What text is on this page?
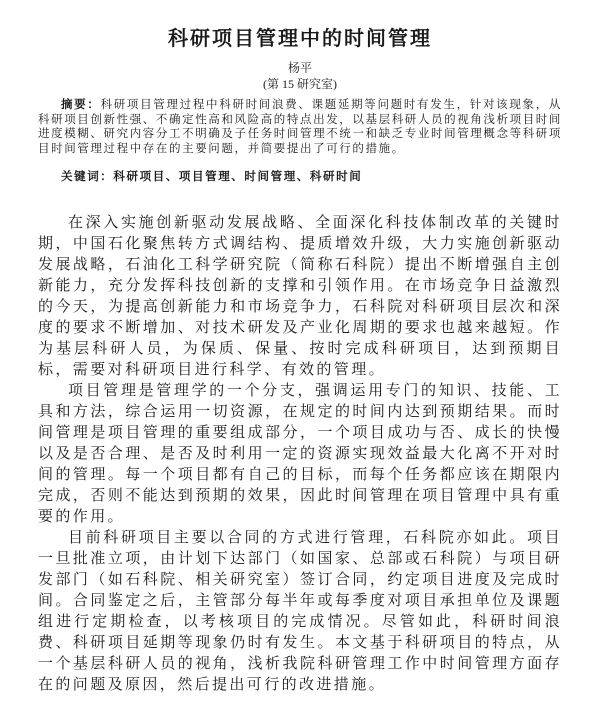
科研项目管理中的时间管理
杨平
(第 15 研究室)

摘要：科研项目管理过程中科研时间浪费、课题延期等问题时有发生，针对该现象，从科研项目创新性强、不确定性高和风险高的特点出发，以基层科研人员的视角浅析项目时间进度模糊、研究内容分工不明确及子任务时间管理不统一和缺乏专业时间管理概念等科研项目时间管理过程中存在的主要问题，并简要提出了可行的措施。

关键词：科研项目、项目管理、时间管理、科研时间

在深入实施创新驱动发展战略、全面深化科技体制改革的关键时期，中国石化聚焦转方式调结构、提质增效升级，大力实施创新驱动发展战略，石油化工科学研究院（简称石科院）提出不断增强自主创新能力，充分发挥科技创新的支撑和引领作用。在市场竞争日益激烈的今天，为提高创新能力和市场竞争力，石科院对科研项目层次和深度的要求不断增加、对技术研发及产业化周期的要求也越来越短。作为基层科研人员，为保质、保量、按时完成科研项目，达到预期目标，需要对科研项目进行科学、有效的管理。

项目管理是管理学的一个分支，强调运用专门的知识、技能、工具和方法，综合运用一切资源，在规定的时间内达到预期结果。而时间管理是项目管理的重要组成部分，一个项目成功与否、成长的快慢以及是否合理、是否及时利用一定的资源实现效益最大化离不开对时间的管理。每一个项目都有自己的目标，而每个任务都应该在期限内完成，否则不能达到预期的效果，因此时间管理在项目管理中具有重要的作用。

目前科研项目主要以合同的方式进行管理，石科院亦如此。项目一旦批准立项，由计划下达部门（如国家、总部或石科院）与项目研发部门（如石科院、相关研究室）签订合同，约定项目进度及完成时间。合同鉴定之后，主管部分每半年或每季度对项目承担单位及课题组进行定期检查，以考核项目的完成情况。尽管如此，科研时间浪费、科研项目延期等现象仍时有发生。本文基于科研项目的特点，从一个基层科研人员的视角，浅析我院科研管理工作中时间管理方面存在的问题及原因，然后提出可行的改进措施。
